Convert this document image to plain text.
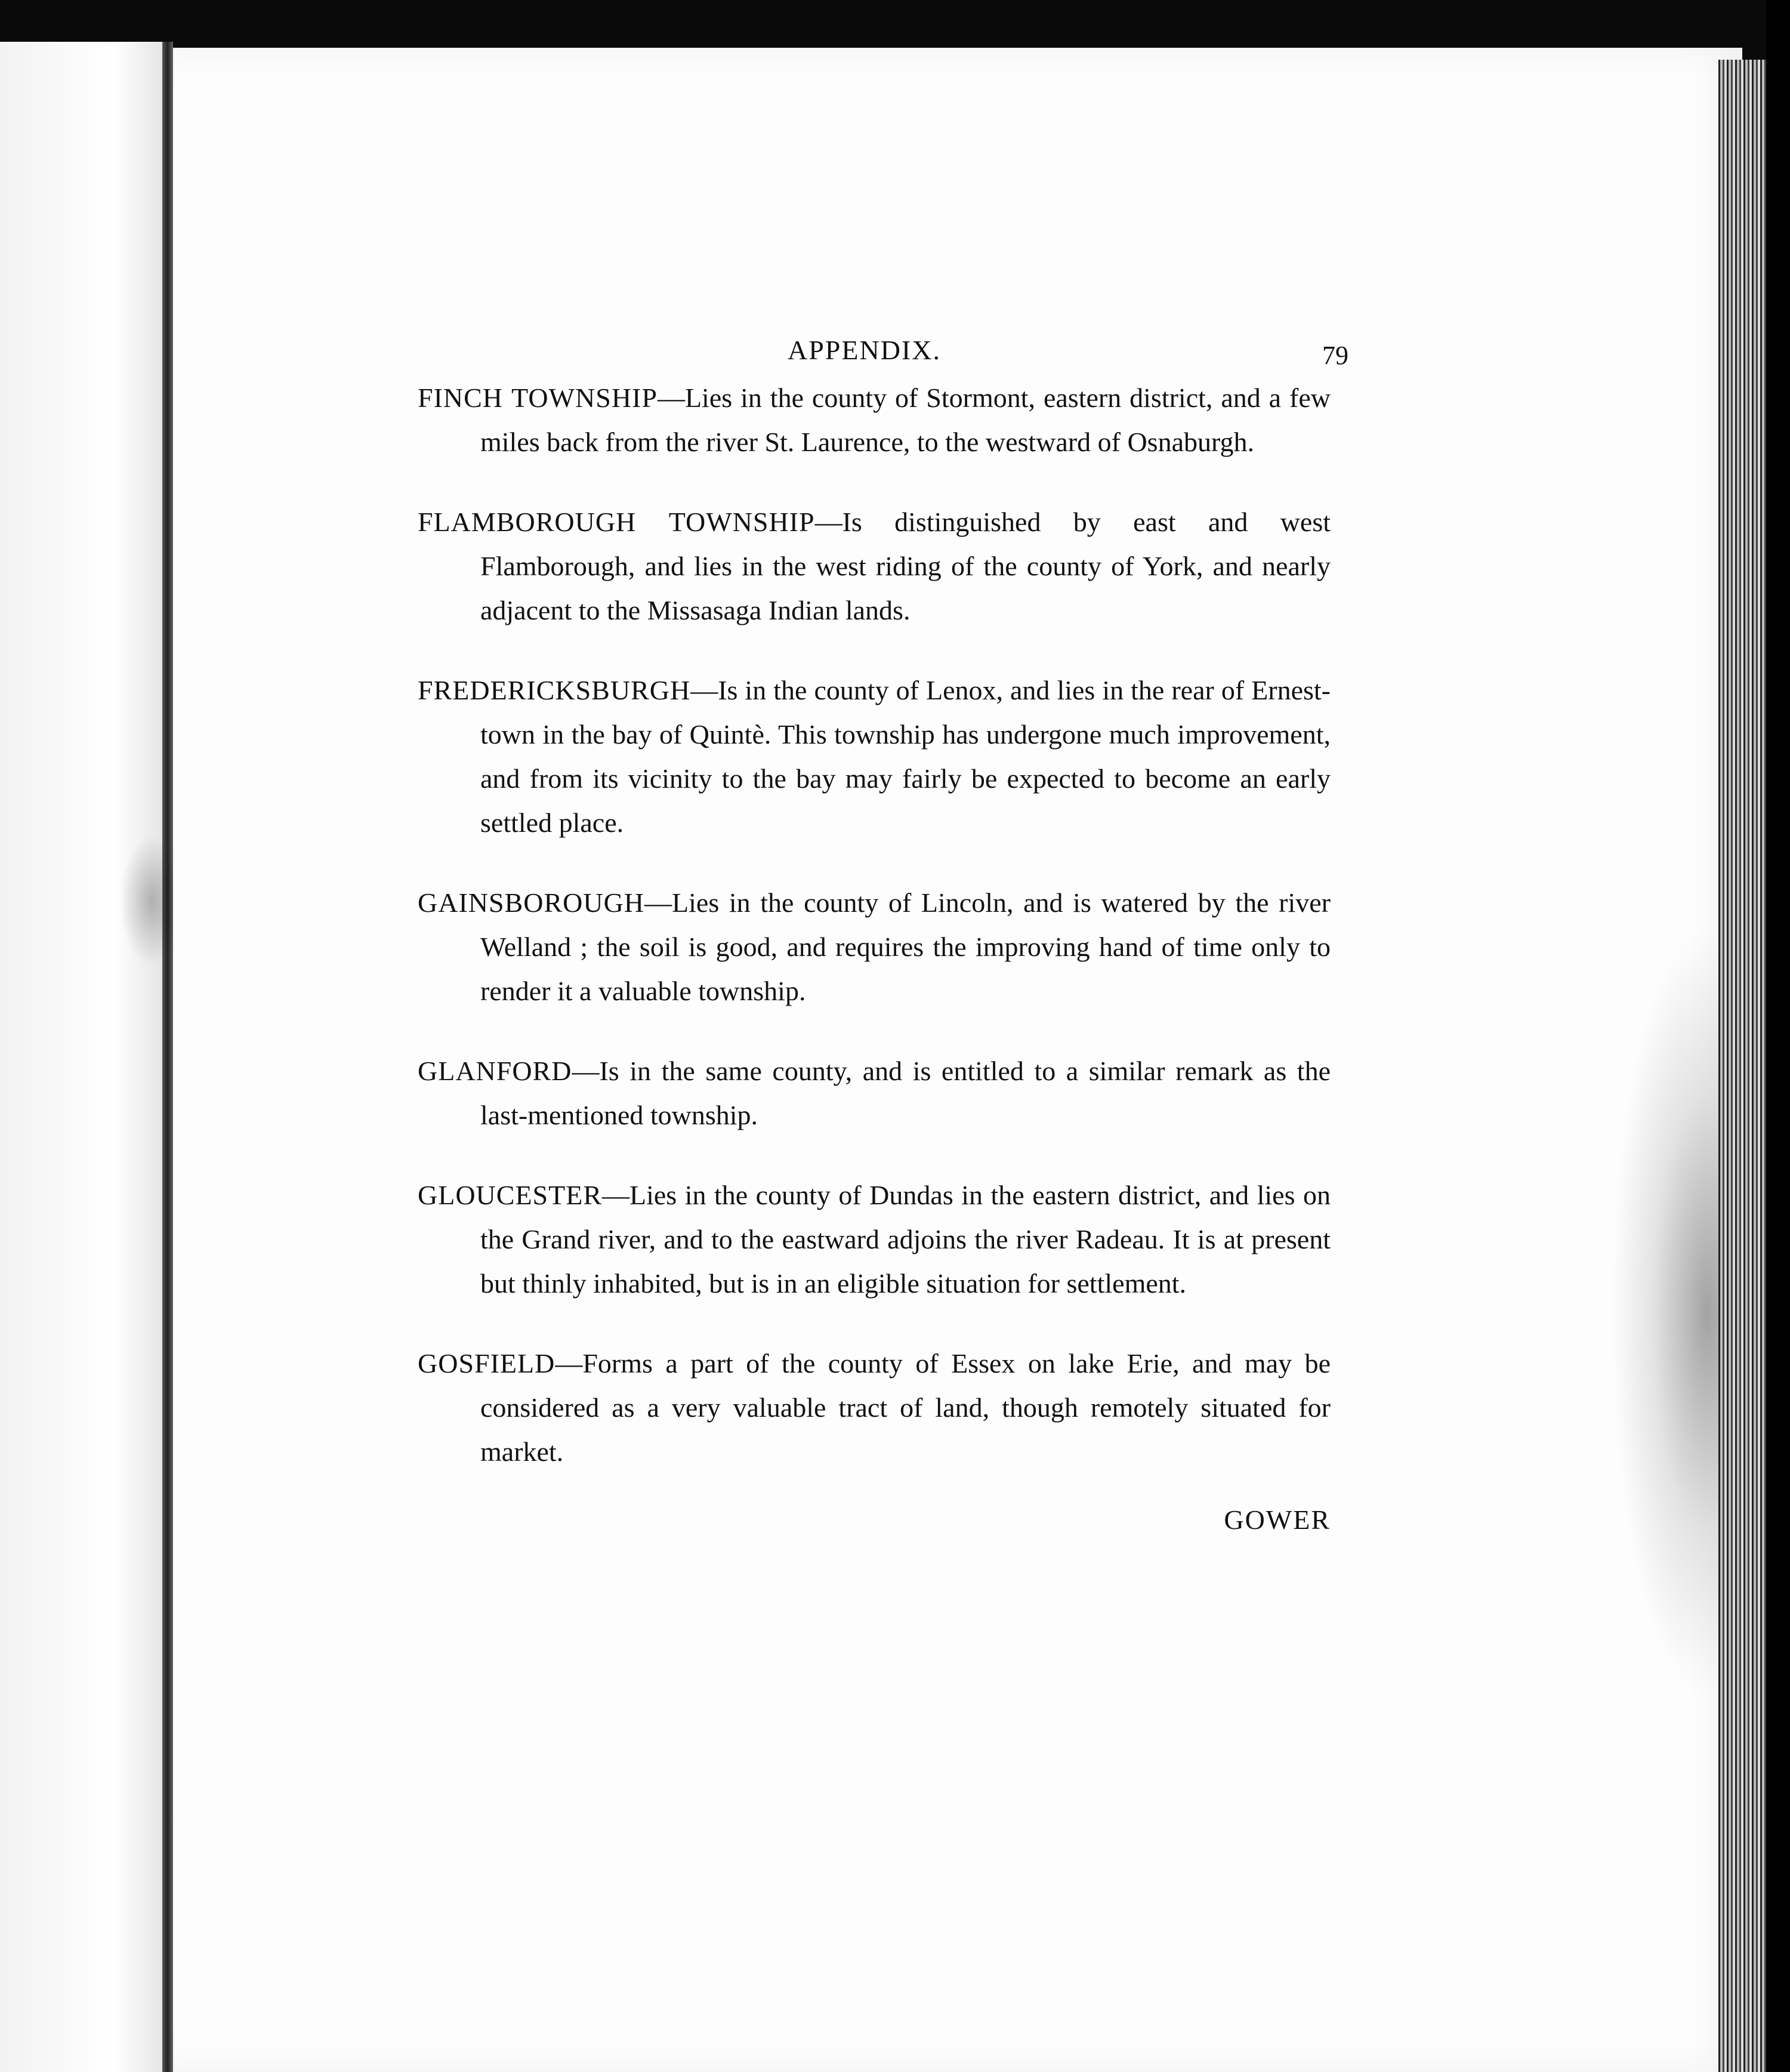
APPENDIX.	79

FINCH TOWNSHIP—Lies in the county of Stormont, eastern district, and a few miles back from the river St. Laurence, to the westward of Osnaburgh.

FLAMBOROUGH TOWNSHIP—Is distinguished by east and west Flamborough, and lies in the west riding of the county of York, and nearly adjacent to the Missasaga Indian lands.

FREDERICKSBURGH—Is in the county of Lenox, and lies in the rear of Ernest-town in the bay of Quintè. This township has undergone much improvement, and from its vicinity to the bay may fairly be expected to become an early settled place.

GAINSBOROUGH—Lies in the county of Lincoln, and is watered by the river Welland ; the soil is good, and requires the improving hand of time only to render it a valuable township.

GLANFORD—Is in the same county, and is entitled to a similar remark as the last-mentioned township.

GLOUCESTER—Lies in the county of Dundas in the eastern district, and lies on the Grand river, and to the eastward adjoins the river Radeau. It is at present but thinly inhabited, but is in an eligible situation for settlement.

GOSFIELD—Forms a part of the county of Essex on lake Erie, and may be considered as a very valuable tract of land, though remotely situated for market.

GOWER
